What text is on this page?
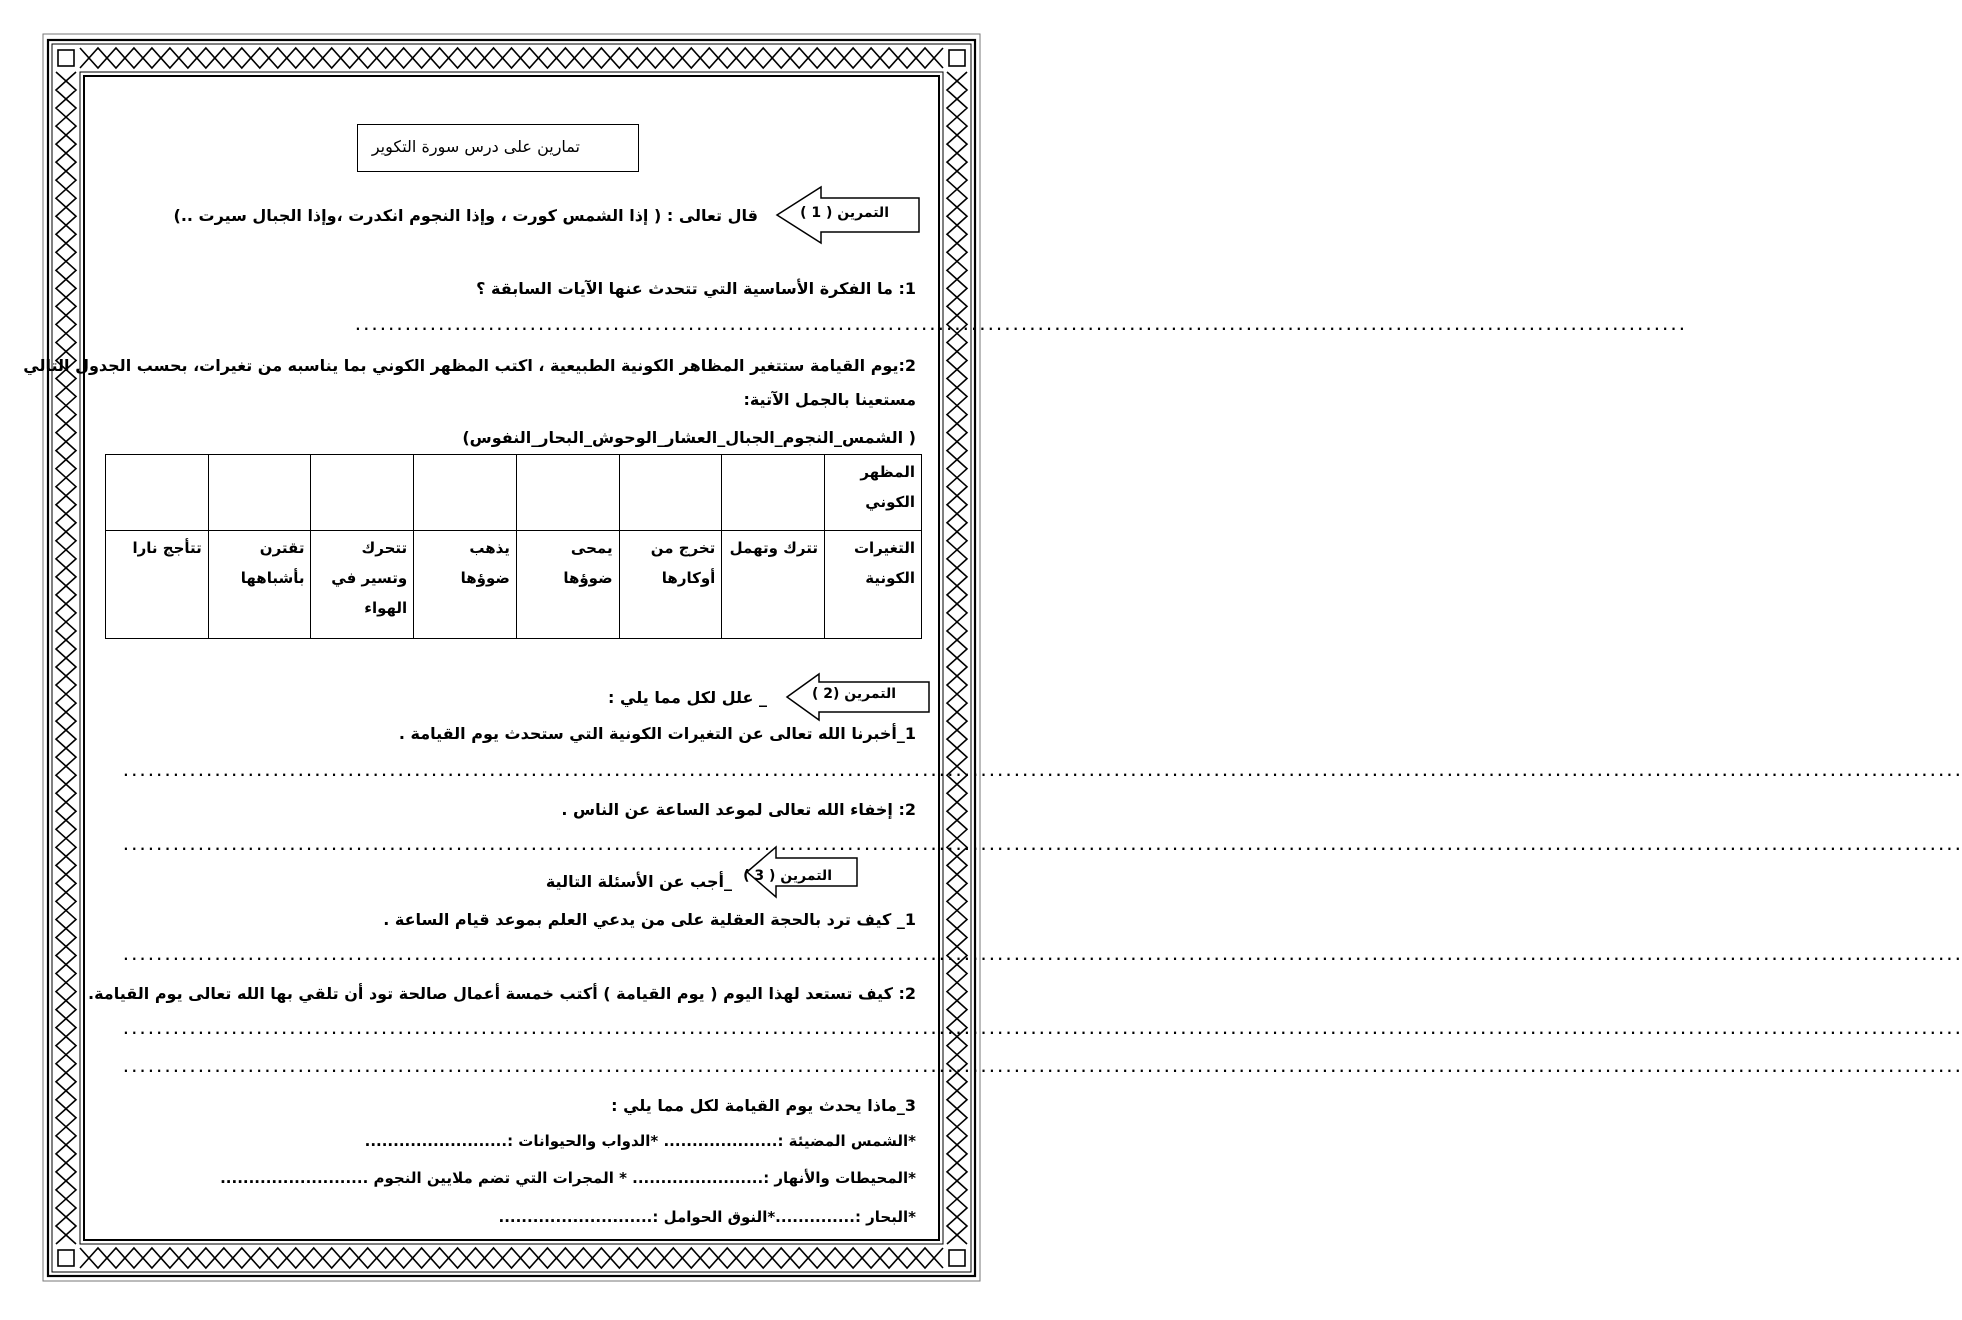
تمارين على درس سورة التكوير
التمرين ( 1 )
قال تعالى : ( إذا الشمس كورت ، وإذا النجوم انكدرت ،وإذا الجبال سيرت ..)
1: ما الفكرة الأساسية التي تتحدث عنها الآيات السابقة ؟
................................................................................................................................................................
2:يوم القيامة ستتغير المظاهر الكونية الطبيعية ، اكتب المظهر الكوني بما يناسبه من تغيرات، بحسب الجدول التالي
مستعينا بالجمل الآتية:
( الشمس_النجوم_الجبال_العشار_الوحوش_البحار_النفوس)
المظهر الكوني							
التغيرات الكونية	تترك وتهمل	تخرج من أوكارها	يمحى ضوؤها	يذهب ضوؤها	تتحرك وتسير في الهواء	تقترن بأشباهها	تتأجج نارا
التمرين (2 )
_ علل لكل مما يلي :
1_أخبرنا الله تعالى عن التغيرات الكونية التي ستحدث يوم القيامة .
.............................................................................................................................................................................................................................
2: إخفاء الله تعالى لموعد الساعة عن الناس .
.............................................................................................................................................................................................................................
التمرين ( 3 )
_أجب عن الأسئلة التالية
1_ كيف ترد بالحجة العقلية على من يدعي العلم بموعد قيام الساعة .
.............................................................................................................................................................................................................................
2: كيف تستعد لهذا اليوم ( يوم القيامة ) أكتب خمسة أعمال صالحة تود أن تلقي بها الله تعالى يوم القيامة.
.............................................................................................................................................................................................................................
.............................................................................................................................................................................................................................
3_ماذا يحدث يوم القيامة لكل مما يلي :
*الشمس المضيئة :.................... *الدواب والحيوانات :.........................
*المحيطات والأنهار :....................... * المجرات التي تضم ملايين النجوم ..........................
*البحار :..............*النوق الحوامل :...........................
